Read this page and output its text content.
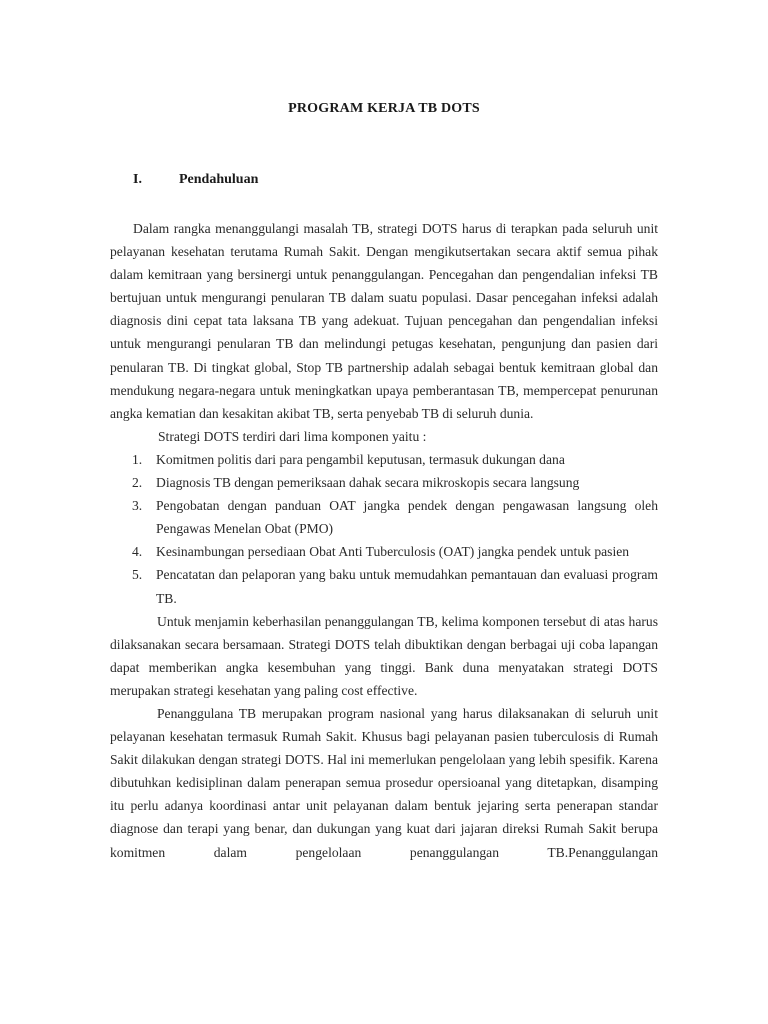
PROGRAM KERJA TB DOTS
I.	Pendahuluan

Dalam rangka menanggulangi masalah TB, strategi DOTS harus di terapkan pada seluruh unit pelayanan kesehatan terutama Rumah Sakit. Dengan mengikutsertakan secara aktif semua pihak dalam kemitraan yang bersinergi untuk penanggulangan. Pencegahan dan pengendalian infeksi TB bertujuan untuk mengurangi penularan TB dalam suatu populasi. Dasar pencegahan infeksi adalah diagnosis dini cepat tata laksana TB yang adekuat. Tujuan pencegahan dan pengendalian infeksi untuk mengurangi penularan TB dan melindungi petugas kesehatan, pengunjung dan pasien dari penularan TB. Di tingkat global, Stop TB partnership adalah sebagai bentuk kemitraan global dan mendukung negara-negara untuk meningkatkan upaya pemberantasan TB, mempercepat penurunan angka kematian dan kesakitan akibat TB, serta penyebab TB di seluruh dunia.

Strategi DOTS terdiri dari lima komponen yaitu :

1. Komitmen politis dari para pengambil keputusan, termasuk dukungan dana
2. Diagnosis TB dengan pemeriksaan dahak secara mikroskopis secara langsung
3. Pengobatan dengan panduan OAT jangka pendek dengan pengawasan langsung oleh Pengawas Menelan Obat (PMO)
4. Kesinambungan persediaan Obat Anti Tuberculosis (OAT) jangka pendek untuk pasien
5. Pencatatan dan pelaporan yang baku untuk memudahkan pemantauan dan evaluasi program TB.

Untuk menjamin keberhasilan penanggulangan TB, kelima komponen tersebut di atas harus dilaksanakan secara bersamaan. Strategi DOTS telah dibuktikan dengan berbagai uji coba lapangan dapat memberikan angka kesembuhan yang tinggi. Bank duna menyatakan strategi DOTS merupakan strategi kesehatan yang paling cost effective.

Penanggulana TB merupakan program nasional yang harus dilaksanakan di seluruh unit pelayanan kesehatan termasuk Rumah Sakit. Khusus bagi pelayanan pasien tuberculosis di Rumah Sakit dilakukan dengan strategi DOTS. Hal ini memerlukan pengelolaan yang lebih spesifik. Karena dibutuhkan kedisiplinan dalam penerapan semua prosedur opersioanal yang ditetapkan, disamping itu perlu adanya koordinasi antar unit pelayanan dalam bentuk jejaring serta penerapan standar diagnose dan terapi yang benar, dan dukungan yang kuat dari jajaran direksi Rumah Sakit berupa komitmen dalam pengelolaan penanggulangan TB.Penanggulangan
